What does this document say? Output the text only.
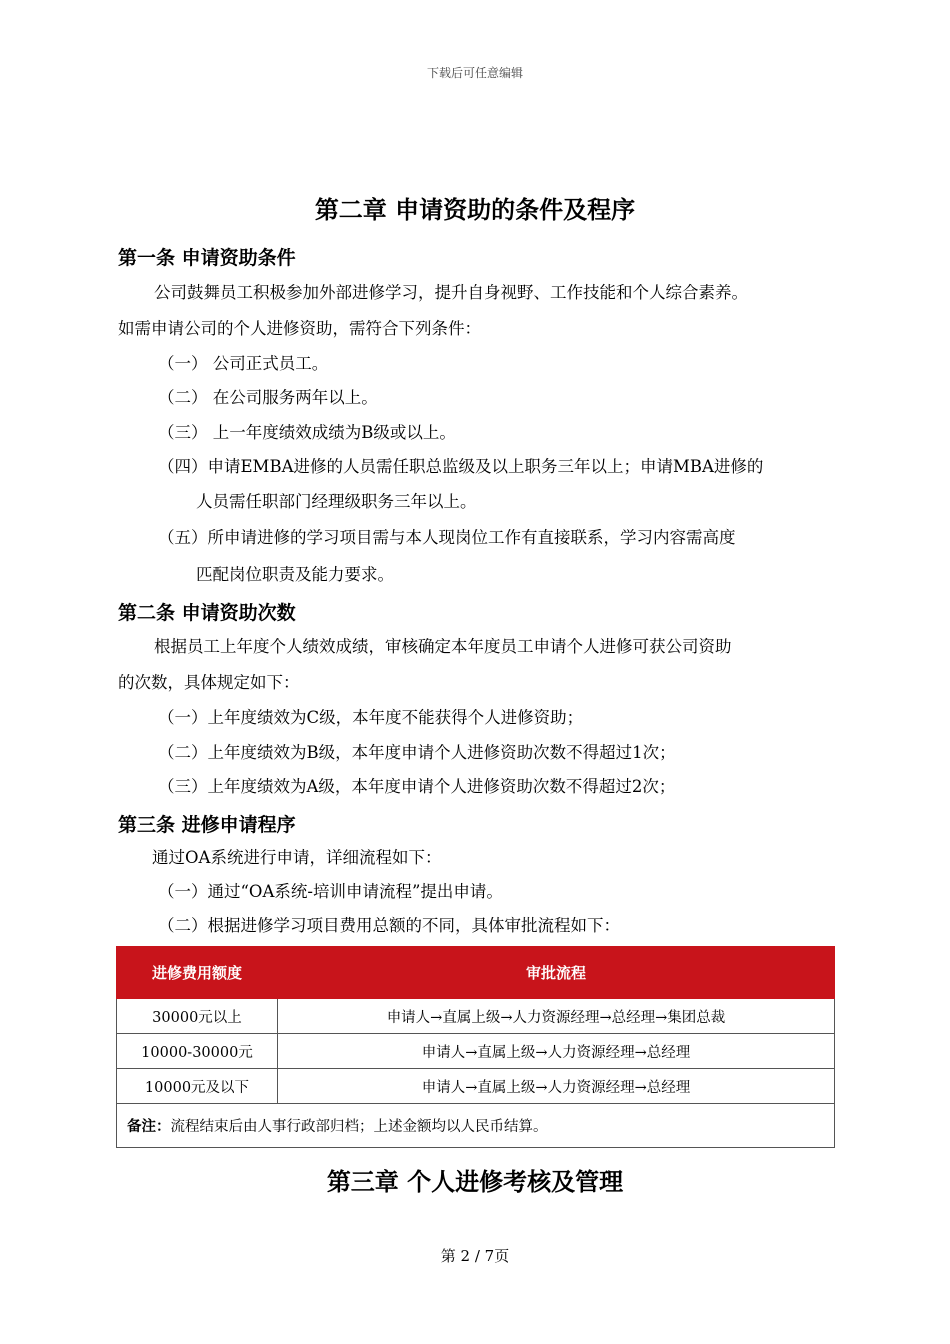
下载后可任意编辑
第二章 申请资助的条件及程序
第一条 申请资助条件
公司鼓舞员工积极参加外部进修学习，提升自身视野、工作技能和个人综合素养。
如需申请公司的个人进修资助，需符合下列条件：
（一） 公司正式员工。
（二） 在公司服务两年以上。
（三） 上一年度绩效成绩为B级或以上。
（四）申请EMBA进修的人员需任职总监级及以上职务三年以上；申请MBA进修的
人员需任职部门经理级职务三年以上。
（五）所申请进修的学习项目需与本人现岗位工作有直接联系，学习内容需高度
匹配岗位职责及能力要求。
第二条 申请资助次数
根据员工上年度个人绩效成绩，审核确定本年度员工申请个人进修可获公司资助
的次数，具体规定如下：
（一）上年度绩效为C级，本年度不能获得个人进修资助；
（二）上年度绩效为B级，本年度申请个人进修资助次数不得超过1次；
（三）上年度绩效为A级，本年度申请个人进修资助次数不得超过2次；
第三条 进修申请程序
通过OA系统进行申请，详细流程如下：
（一）通过“OA系统-培训申请流程”提出申请。
（二）根据进修学习项目费用总额的不同，具体审批流程如下：
进修费用额度	审批流程
30000元以上	申请人→直属上级→人力资源经理→总经理→集团总裁
10000-30000元	申请人→直属上级→人力资源经理→总经理
10000元及以下	申请人→直属上级→人力资源经理→总经理
备注：流程结束后由人事行政部归档；上述金额均以人民币结算。	
第三章 个人进修考核及管理
第 2 / 7页
